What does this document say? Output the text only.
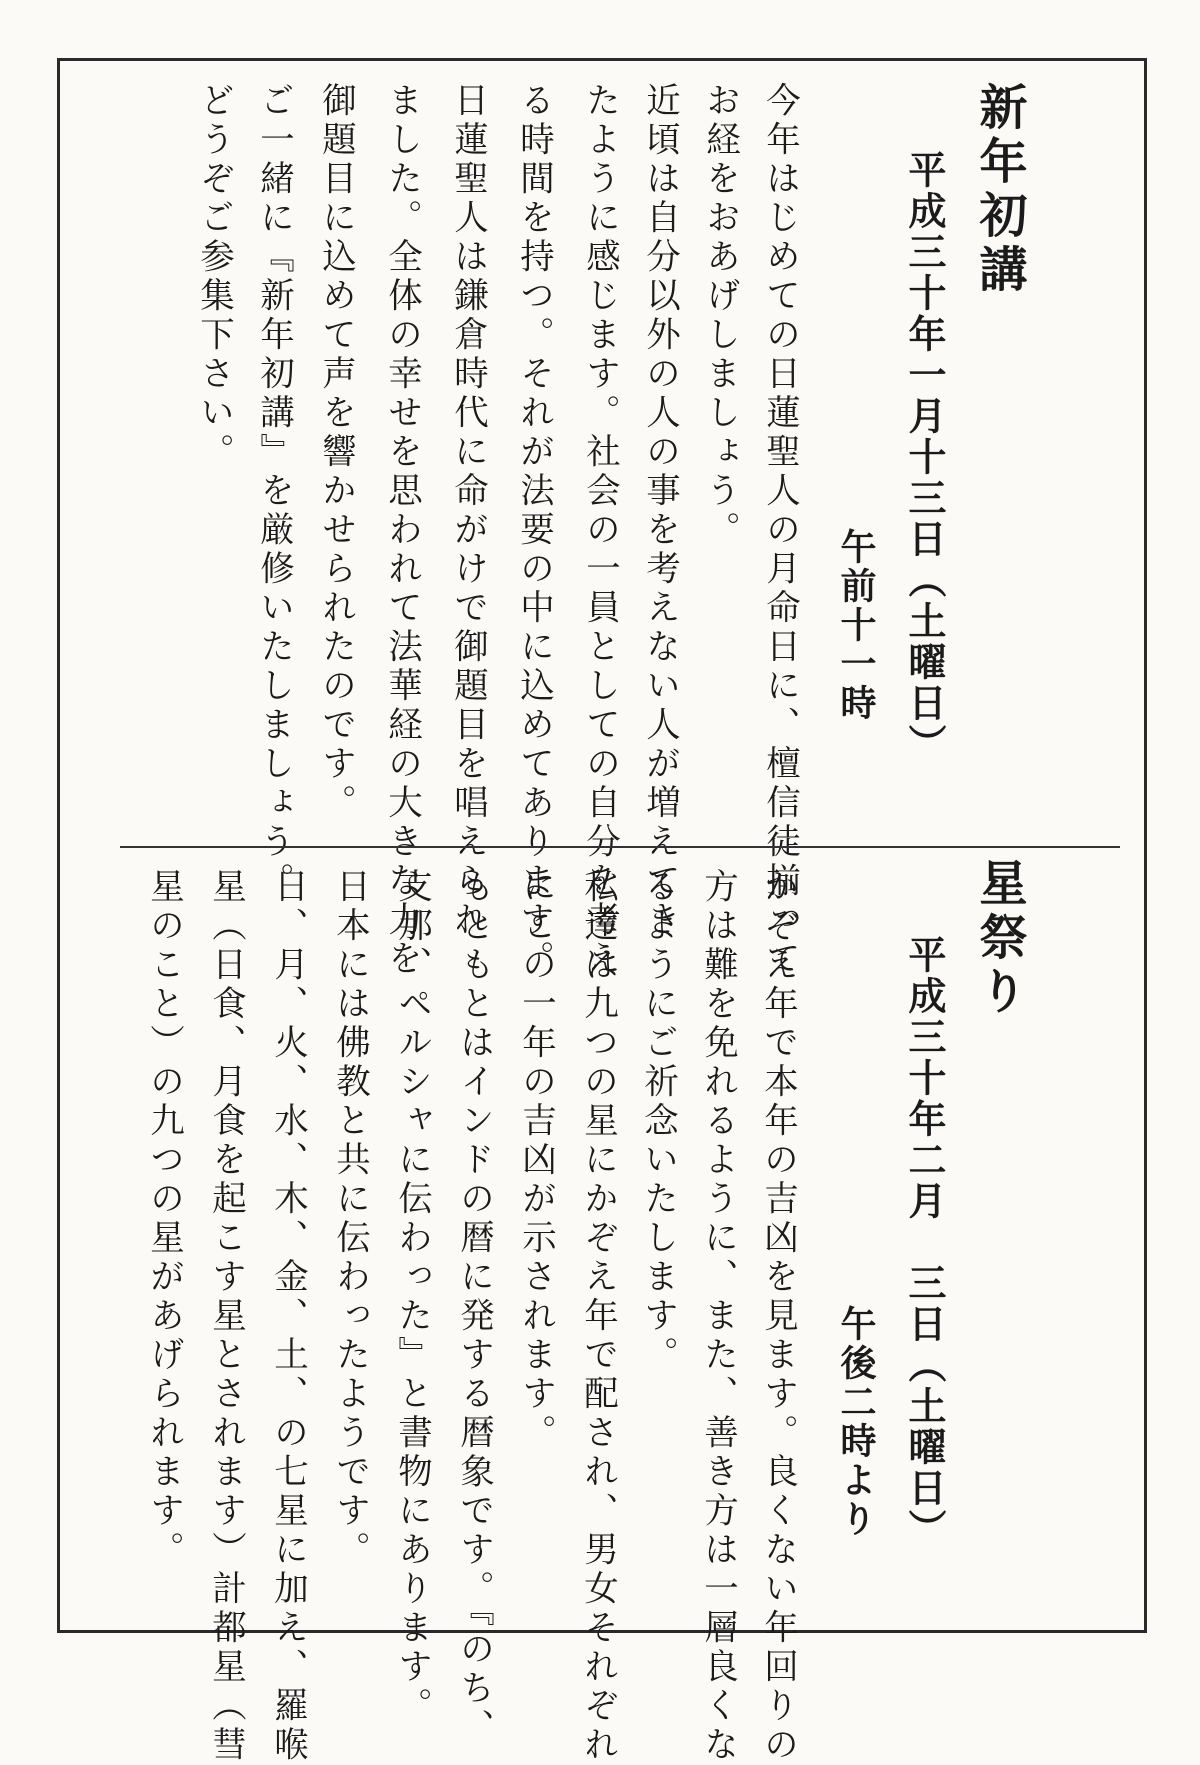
新年初講
平成三十年一月十三日（土曜日）
午前十一時
今年はじめての日蓮聖人の月命日に、檀信徒揃って
お経をおあげしましょう。
近頃は自分以外の人の事を考えない人が増えてき
たように感じます。社会の一員としての自分を考え
る時間を持つ。それが法要の中に込めてあります。
日蓮聖人は鎌倉時代に命がけで御題目を唱えられ
ました。全体の幸せを思われて法華経の大きな力を
御題目に込めて声を響かせられたのです。
ご一緒に『新年初講』を厳修いたしましょう。
どうぞご参集下さい。
星祭り
平成三十年二月　三日（土曜日）
午後二時より
かぞえ年で本年の吉凶を見ます。良くない年回りの
方は難を免れるように、また、善き方は一層良くな
るようにご祈念いたします。
私達は九つの星にかぞえ年で配され、男女それぞれ
にこの一年の吉凶が示されます。
もともとはインドの暦に発する暦象です。『のち、
支那、ペルシャに伝わった』と書物にあります。
日本には佛教と共に伝わったようです。
日、月、火、水、木、金、土、の七星に加え、羅喉
星（日食、月食を起こす星とされます）計都星（彗
星のこと）の九つの星があげられます。
